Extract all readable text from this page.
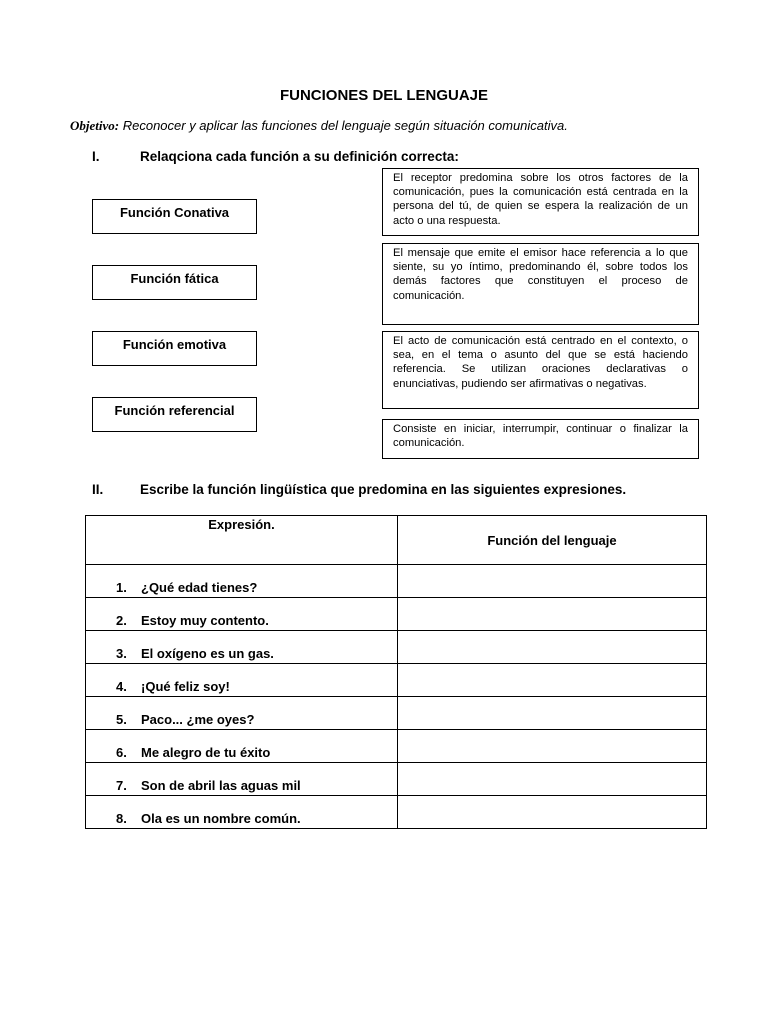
FUNCIONES DEL LENGUAJE
Objetivo: Reconocer y aplicar las funciones del lenguaje según situación comunicativa.
I.	Relaqciona cada función a su definición correcta:
Función Conativa
Función fática
Función emotiva
Función referencial
El receptor predomina sobre los otros factores de la comunicación, pues la comunicación está centrada en la persona del tú, de quien se espera la realización de un acto o una respuesta.
El mensaje que emite el emisor hace referencia a lo que siente, su yo íntimo, predominando él, sobre todos los demás factores que constituyen el proceso de comunicación.
El acto de comunicación está centrado en el contexto, o sea, en el tema o asunto del que se está haciendo referencia. Se utilizan oraciones declarativas o enunciativas, pudiendo ser afirmativas o negativas.
Consiste en iniciar, interrumpir, continuar o finalizar la comunicación.
II.	Escribe la función lingüística que predomina en las siguientes expresiones.
Expresión.	Función del lenguaje
1. ¿Qué edad tienes?	
2. Estoy muy contento.	
3. El oxígeno es un gas.	
4. ¡Qué feliz soy!	
5. Paco... ¿me oyes?	
6. Me alegro de tu éxito	
7. Son de abril las aguas mil	
8. Ola es un nombre común.	
